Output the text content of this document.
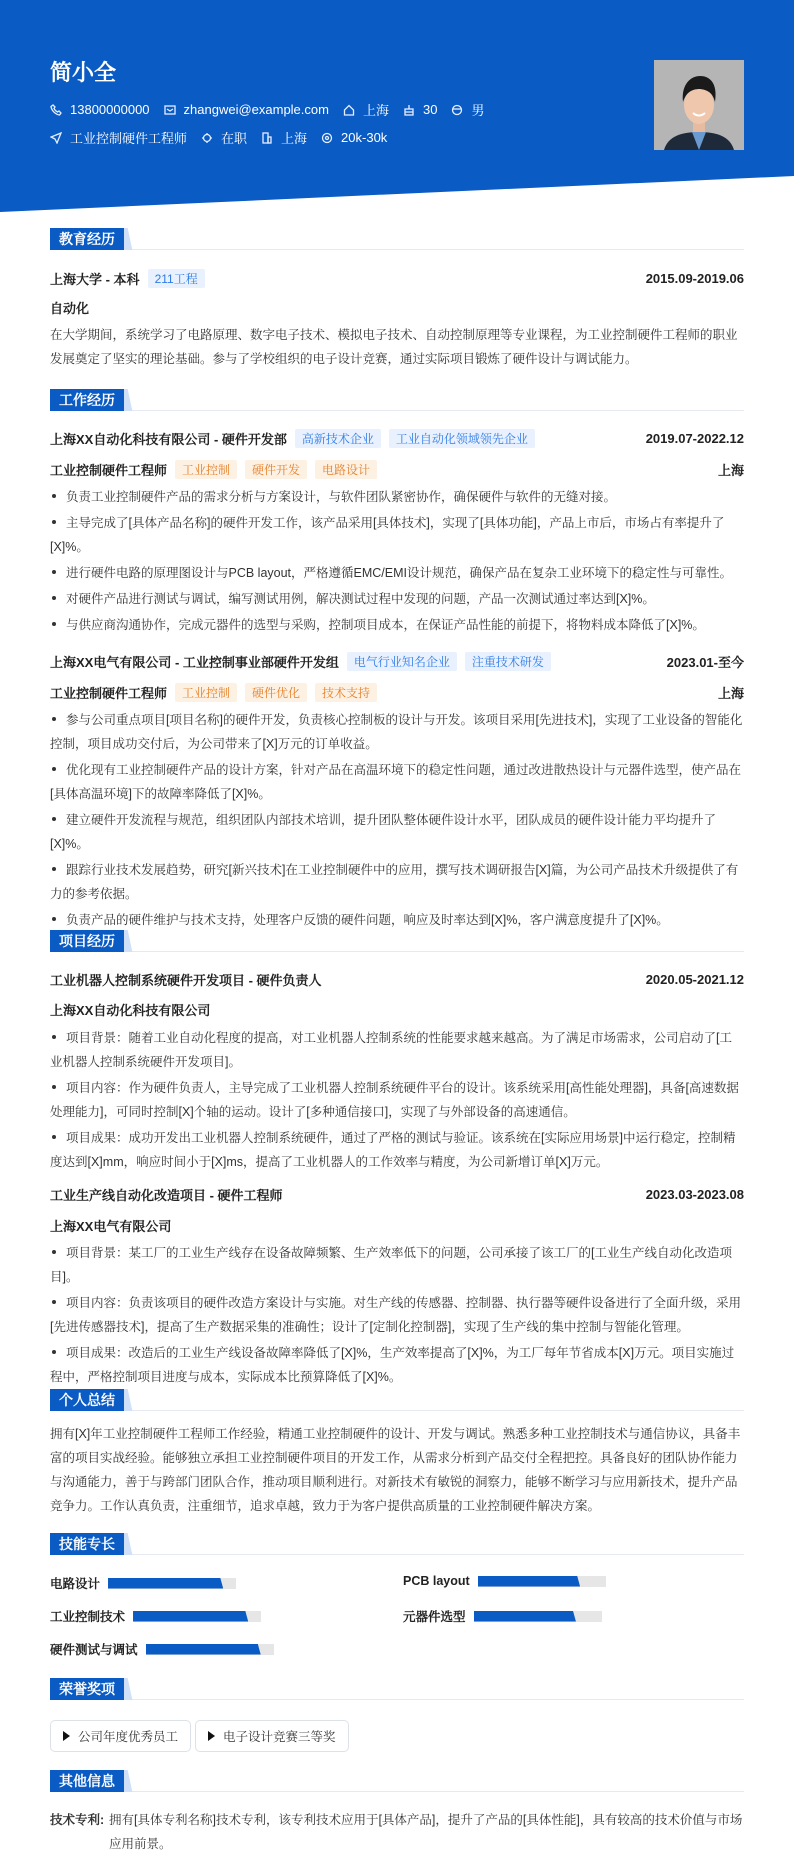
简小全
13800000000	zhangwei@example.com	上海	30	男
工业控制硬件工程师	在职	上海	20k-30k
教育经历
上海大学 - 本科	211工程	2015.09-2019.06
自动化
在大学期间，系统学习了电路原理、数字电子技术、模拟电子技术、自动控制原理等专业课程，为工业控制硬件工程师的职业发展奠定了坚实的理论基础。参与了学校组织的电子设计竞赛，通过实际项目锻炼了硬件设计与调试能力。
工作经历
上海XX自动化科技有限公司 - 硬件开发部	高新技术企业	工业自动化领域领先企业	2019.07-2022.12
工业控制硬件工程师	工业控制	硬件开发	电路设计	上海
负责工业控制硬件产品的需求分析与方案设计，与软件团队紧密协作，确保硬件与软件的无缝对接。
主导完成了[具体产品名称]的硬件开发工作，该产品采用[具体技术]，实现了[具体功能]，产品上市后，市场占有率提升了[X]%。
进行硬件电路的原理图设计与PCB layout，严格遵循EMC/EMI设计规范，确保产品在复杂工业环境下的稳定性与可靠性。
对硬件产品进行测试与调试，编写测试用例，解决测试过程中发现的问题，产品一次测试通过率达到[X]%。
与供应商沟通协作，完成元器件的选型与采购，控制项目成本，在保证产品性能的前提下，将物料成本降低了[X]%。
上海XX电气有限公司 - 工业控制事业部硬件开发组	电气行业知名企业	注重技术研发	2023.01-至今
工业控制硬件工程师	工业控制	硬件优化	技术支持	上海
参与公司重点项目[项目名称]的硬件开发，负责核心控制板的设计与开发。该项目采用[先进技术]，实现了工业设备的智能化控制，项目成功交付后，为公司带来了[X]万元的订单收益。
优化现有工业控制硬件产品的设计方案，针对产品在高温环境下的稳定性问题，通过改进散热设计与元器件选型，使产品在[具体高温环境]下的故障率降低了[X]%。
建立硬件开发流程与规范，组织团队内部技术培训，提升团队整体硬件设计水平，团队成员的硬件设计能力平均提升了[X]%。
跟踪行业技术发展趋势，研究[新兴技术]在工业控制硬件中的应用，撰写技术调研报告[X]篇，为公司产品技术升级提供了有力的参考依据。
负责产品的硬件维护与技术支持，处理客户反馈的硬件问题，响应及时率达到[X]%，客户满意度提升了[X]%。
项目经历
工业机器人控制系统硬件开发项目 - 硬件负责人	2020.05-2021.12
上海XX自动化科技有限公司
项目背景：随着工业自动化程度的提高，对工业机器人控制系统的性能要求越来越高。为了满足市场需求，公司启动了[工业机器人控制系统硬件开发项目]。
项目内容：作为硬件负责人，主导完成了工业机器人控制系统硬件平台的设计。该系统采用[高性能处理器]，具备[高速数据处理能力]，可同时控制[X]个轴的运动。设计了[多种通信接口]，实现了与外部设备的高速通信。
项目成果：成功开发出工业机器人控制系统硬件，通过了严格的测试与验证。该系统在[实际应用场景]中运行稳定，控制精度达到[X]mm，响应时间小于[X]ms，提高了工业机器人的工作效率与精度，为公司新增订单[X]万元。
工业生产线自动化改造项目 - 硬件工程师	2023.03-2023.08
上海XX电气有限公司
项目背景：某工厂的工业生产线存在设备故障频繁、生产效率低下的问题，公司承接了该工厂的[工业生产线自动化改造项目]。
项目内容：负责该项目的硬件改造方案设计与实施。对生产线的传感器、控制器、执行器等硬件设备进行了全面升级，采用[先进传感器技术]，提高了生产数据采集的准确性；设计了[定制化控制器]，实现了生产线的集中控制与智能化管理。
项目成果：改造后的工业生产线设备故障率降低了[X]%，生产效率提高了[X]%，为工厂每年节省成本[X]万元。项目实施过程中，严格控制项目进度与成本，实际成本比预算降低了[X]%。
个人总结
拥有[X]年工业控制硬件工程师工作经验，精通工业控制硬件的设计、开发与调试。熟悉多种工业控制技术与通信协议，具备丰富的项目实战经验。能够独立承担工业控制硬件项目的开发工作，从需求分析到产品交付全程把控。具备良好的团队协作能力与沟通能力，善于与跨部门团队合作，推动项目顺利进行。对新技术有敏锐的洞察力，能够不断学习与应用新技术，提升产品竞争力。工作认真负责，注重细节，追求卓越，致力于为客户提供高质量的工业控制硬件解决方案。
技能专长
电路设计	PCB layout
工业控制技术	元器件选型
硬件测试与调试
荣誉奖项
公司年度优秀员工	电子设计竞赛三等奖
其他信息
技术专利: 拥有[具体专利名称]技术专利，该专利技术应用于[具体产品]，提升了产品的[具体性能]，具有较高的技术价值与市场应用前景。
